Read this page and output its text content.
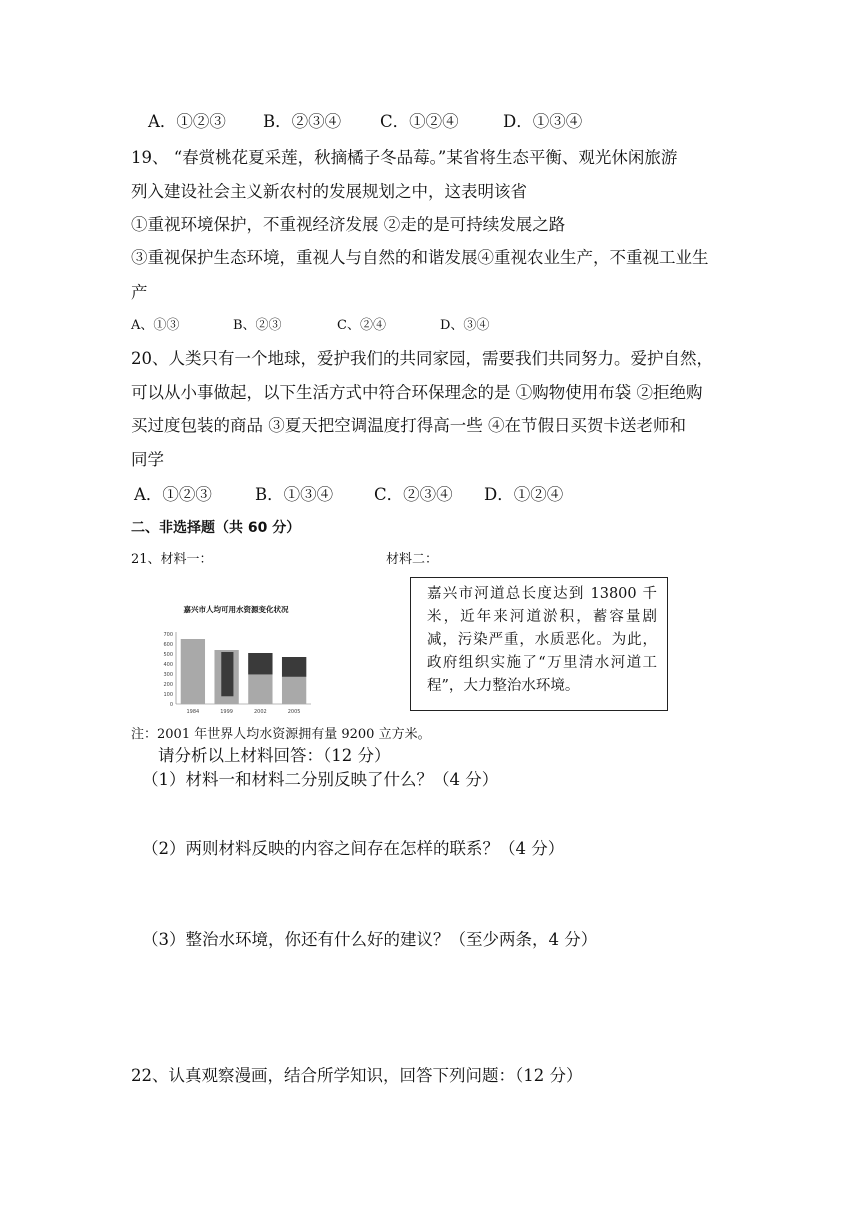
A．①②③ B．②③④ C．①②④	D．①③④
19、 “春赏桃花夏采莲，秋摘橘子冬品莓。”某省将生态平衡、观光休闲旅游
列入建设社会主义新农村的发展规划之中，这表明该省
①重视环境保护，不重视经济发展 ②走的是可持续发展之路
③重视保护生态环境，重视人与自然的和谐发展④重视农业生产，不重视工业生
产
A、①③	B、②③	C、②④	D、③④
20、人类只有一个地球，爱护我们的共同家园，需要我们共同努力。爱护自然，
可以从小事做起，以下生活方式中符合环保理念的是 ①购物使用布袋 ②拒绝购
买过度包装的商品 ③夏天把空调温度打得高一些 ④在节假日买贺卡送老师和
同学
A．①②③	B．①③④ C．②③④ D．①②④
二、非选择题（共 60 分）
21、材料一：	材料二：
嘉兴市人均可用水资源变化状况
0
100
200
300
400
500
600
700
1984	1999	2002	2005
嘉兴市河道总长度达到 13800 千米，近年来河道淤积，蓄容量剧减，污染严重，水质恶化。为此，政府组织实施了“万里清水河道工程”，大力整治水环境。
注：2001 年世界人均水资源拥有量 9200 立方米。
请分析以上材料回答：（12 分）
（1）材料一和材料二分别反映了什么？（4 分）
（2）两则材料反映的内容之间存在怎样的联系？（4 分）
（3）整治水环境，你还有什么好的建议？（至少两条，4 分）
22、认真观察漫画，结合所学知识，回答下列问题：（12 分）
